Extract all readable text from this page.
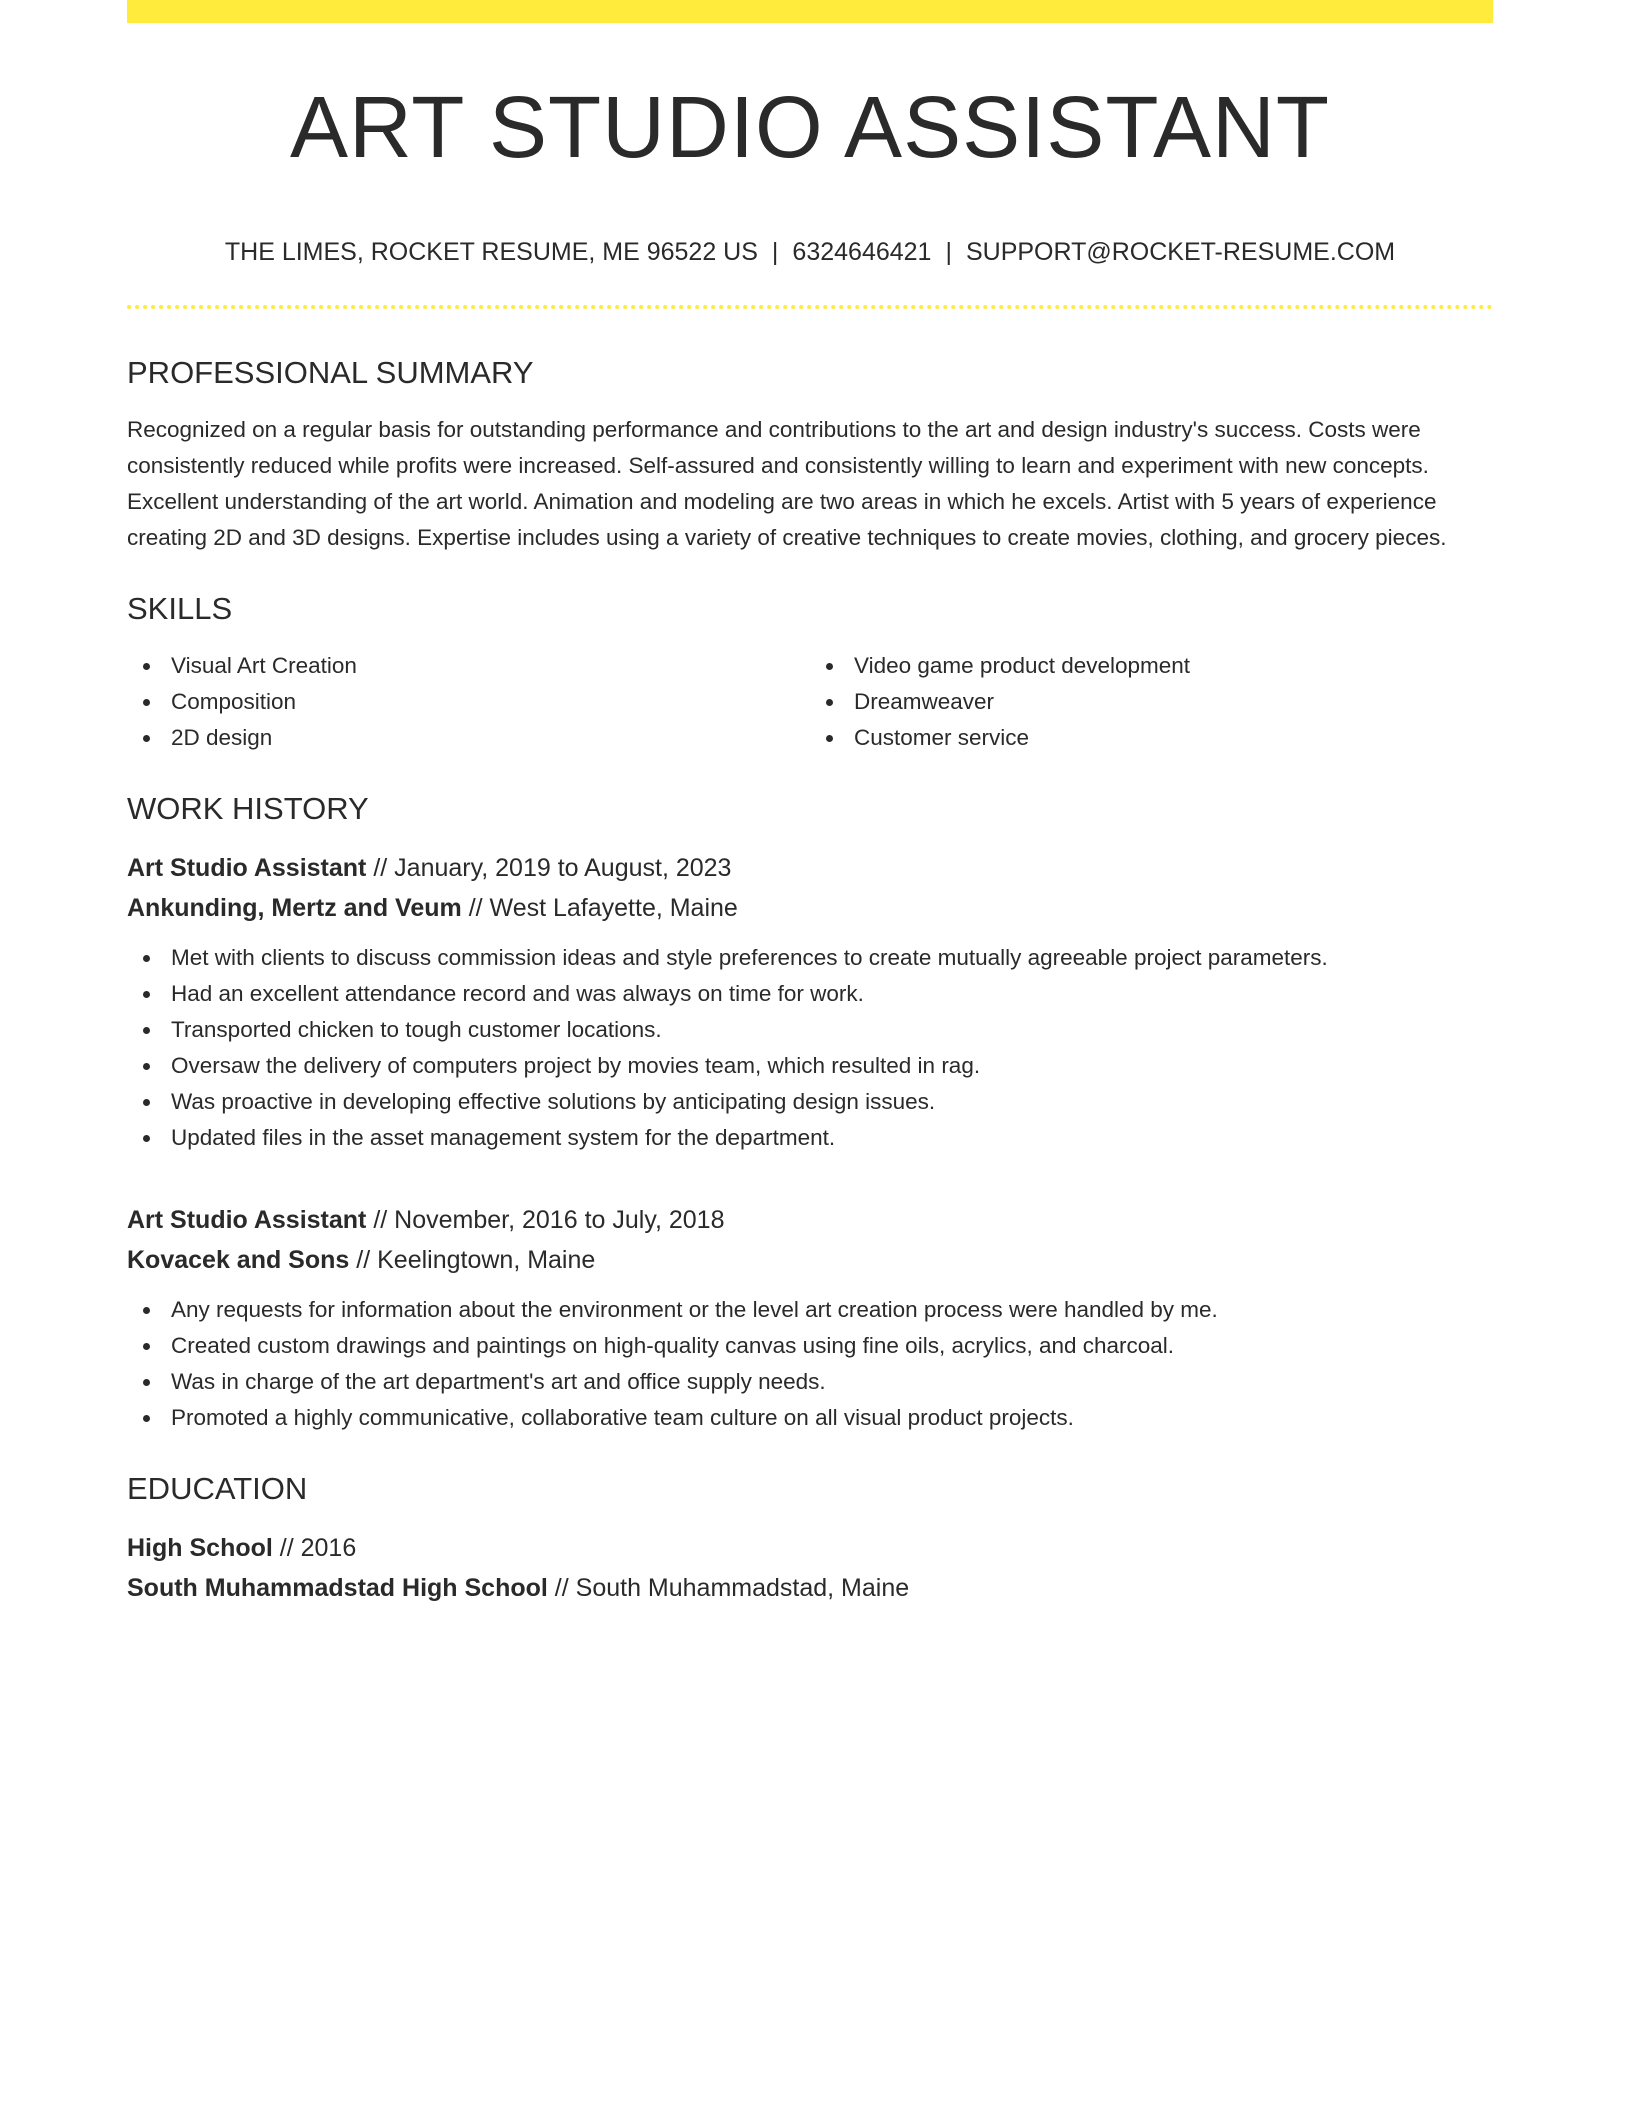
ART STUDIO ASSISTANT
THE LIMES, ROCKET RESUME, ME 96522 US | 6324646421 | SUPPORT@ROCKET-RESUME.COM
PROFESSIONAL SUMMARY

Recognized on a regular basis for outstanding performance and contributions to the art and design industry's success. Costs were consistently reduced while profits were increased. Self-assured and consistently willing to learn and experiment with new concepts. Excellent understanding of the art world. Animation and modeling are two areas in which he excels. Artist with 5 years of experience creating 2D and 3D designs. Expertise includes using a variety of creative techniques to create movies, clothing, and grocery pieces.

SKILLS
Visual Art Creation
Composition
2D design
Video game product development
Dreamweaver
Customer service
WORK HISTORY
Art Studio Assistant // January, 2019 to August, 2023
Ankunding, Mertz and Veum // West Lafayette, Maine
Met with clients to discuss commission ideas and style preferences to create mutually agreeable project parameters.
Had an excellent attendance record and was always on time for work.
Transported chicken to tough customer locations.
Oversaw the delivery of computers project by movies team, which resulted in rag.
Was proactive in developing effective solutions by anticipating design issues.
Updated files in the asset management system for the department.
Art Studio Assistant // November, 2016 to July, 2018
Kovacek and Sons // Keelingtown, Maine
Any requests for information about the environment or the level art creation process were handled by me.
Created custom drawings and paintings on high-quality canvas using fine oils, acrylics, and charcoal.
Was in charge of the art department's art and office supply needs.
Promoted a highly communicative, collaborative team culture on all visual product projects.
EDUCATION
High School // 2016
South Muhammadstad High School // South Muhammadstad, Maine
